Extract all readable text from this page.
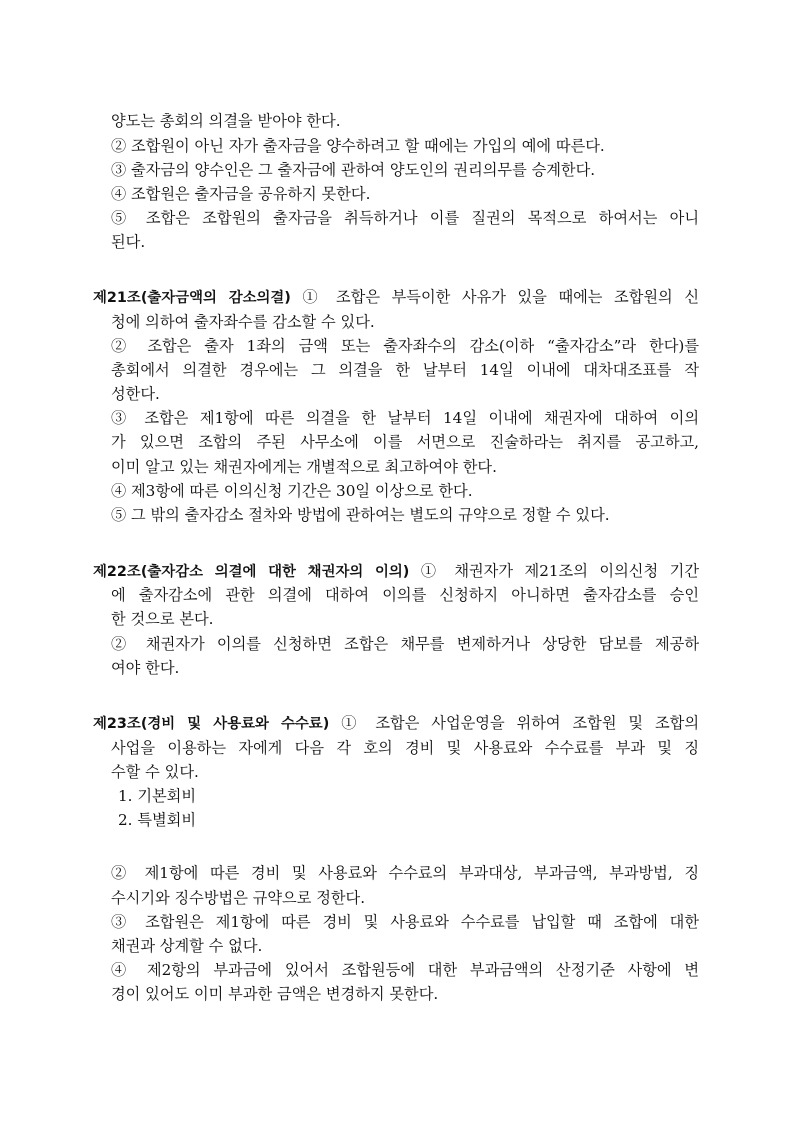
양도는 총회의 의결을 받아야 한다.
② 조합원이 아닌 자가 출자금을 양수하려고 할 때에는 가입의 예에 따른다.
③ 출자금의 양수인은 그 출자금에 관하여 양도인의 권리의무를 승계한다.
④ 조합원은 출자금을 공유하지 못한다.
⑤ 조합은 조합원의 출자금을 취득하거나 이를 질권의 목적으로 하여서는 아니
된다.
제21조(출자금액의 감소의결) ① 조합은 부득이한 사유가 있을 때에는 조합원의 신
청에 의하여 출자좌수를 감소할 수 있다.
② 조합은 출자 1좌의 금액 또는 출자좌수의 감소(이하 “출자감소”라 한다)를
총회에서 의결한 경우에는 그 의결을 한 날부터 14일 이내에 대차대조표를 작
성한다.
③ 조합은 제1항에 따른 의결을 한 날부터 14일 이내에 채권자에 대하여 이의
가 있으면 조합의 주된 사무소에 이를 서면으로 진술하라는 취지를 공고하고,
이미 알고 있는 채권자에게는 개별적으로 최고하여야 한다.
④ 제3항에 따른 이의신청 기간은 30일 이상으로 한다.
⑤ 그 밖의 출자감소 절차와 방법에 관하여는 별도의 규약으로 정할 수 있다.
제22조(출자감소 의결에 대한 채권자의 이의) ① 채권자가 제21조의 이의신청 기간
에 출자감소에 관한 의결에 대하여 이의를 신청하지 아니하면 출자감소를 승인
한 것으로 본다.
② 채권자가 이의를 신청하면 조합은 채무를 변제하거나 상당한 담보를 제공하
여야 한다.
제23조(경비 및 사용료와 수수료) ① 조합은 사업운영을 위하여 조합원 및 조합의
사업을 이용하는 자에게 다음 각 호의 경비 및 사용료와 수수료를 부과 및 징
수할 수 있다.
1. 기본회비
2. 특별회비
② 제1항에 따른 경비 및 사용료와 수수료의 부과대상, 부과금액, 부과방법, 징
수시기와 징수방법은 규약으로 정한다.
③ 조합원은 제1항에 따른 경비 및 사용료와 수수료를 납입할 때 조합에 대한
채권과 상계할 수 없다.
④ 제2항의 부과금에 있어서 조합원등에 대한 부과금액의 산정기준 사항에 변
경이 있어도 이미 부과한 금액은 변경하지 못한다.
